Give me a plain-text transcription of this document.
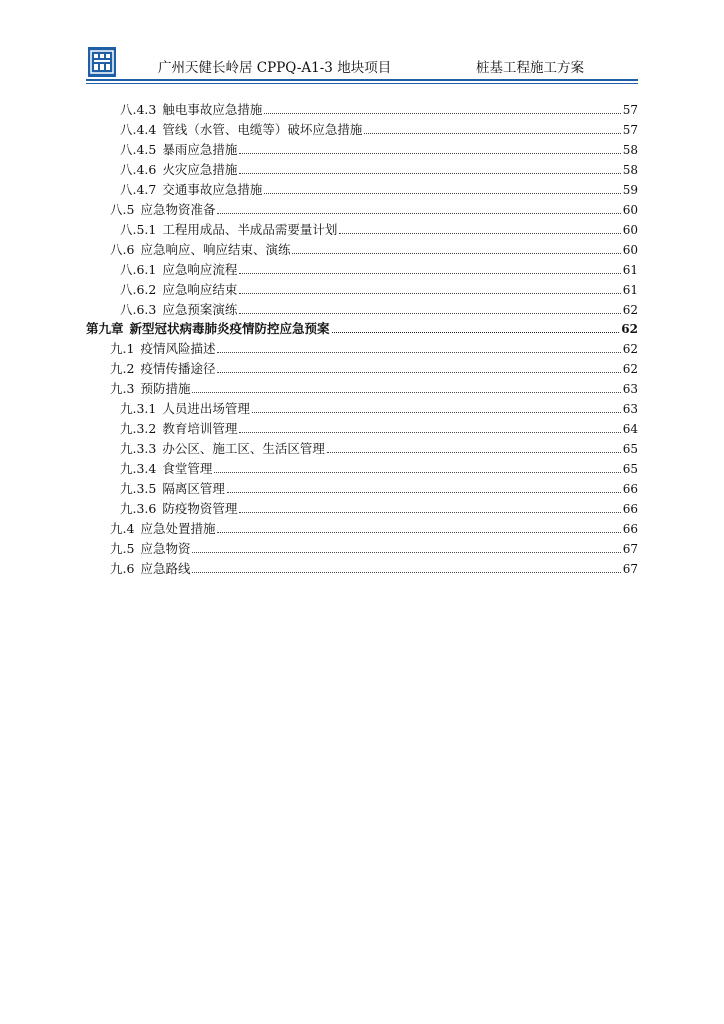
广州天健长岭居 CPPQ-A1-3 地块项目	桩基工程施工方案
八.4.3 触电事故应急措施	57
八.4.4 管线（水管、电缆等）破坏应急措施	57
八.4.5 暴雨应急措施	58
八.4.6 火灾应急措施	58
八.4.7 交通事故应急措施	59
八.5 应急物资准备	60
八.5.1 工程用成品、半成品需要量计划	60
八.6 应急响应、响应结束、演练	60
八.6.1 应急响应流程	61
八.6.2 应急响应结束	61
八.6.3 应急预案演练	62
第九章 新型冠状病毒肺炎疫情防控应急预案	62
九.1 疫情风险描述	62
九.2 疫情传播途径	62
九.3 预防措施	63
九.3.1 人员进出场管理	63
九.3.2 教育培训管理	64
九.3.3 办公区、施工区、生活区管理	65
九.3.4 食堂管理	65
九.3.5 隔离区管理	66
九.3.6 防疫物资管理	66
九.4 应急处置措施	66
九.5 应急物资	67
九.6 应急路线	67
